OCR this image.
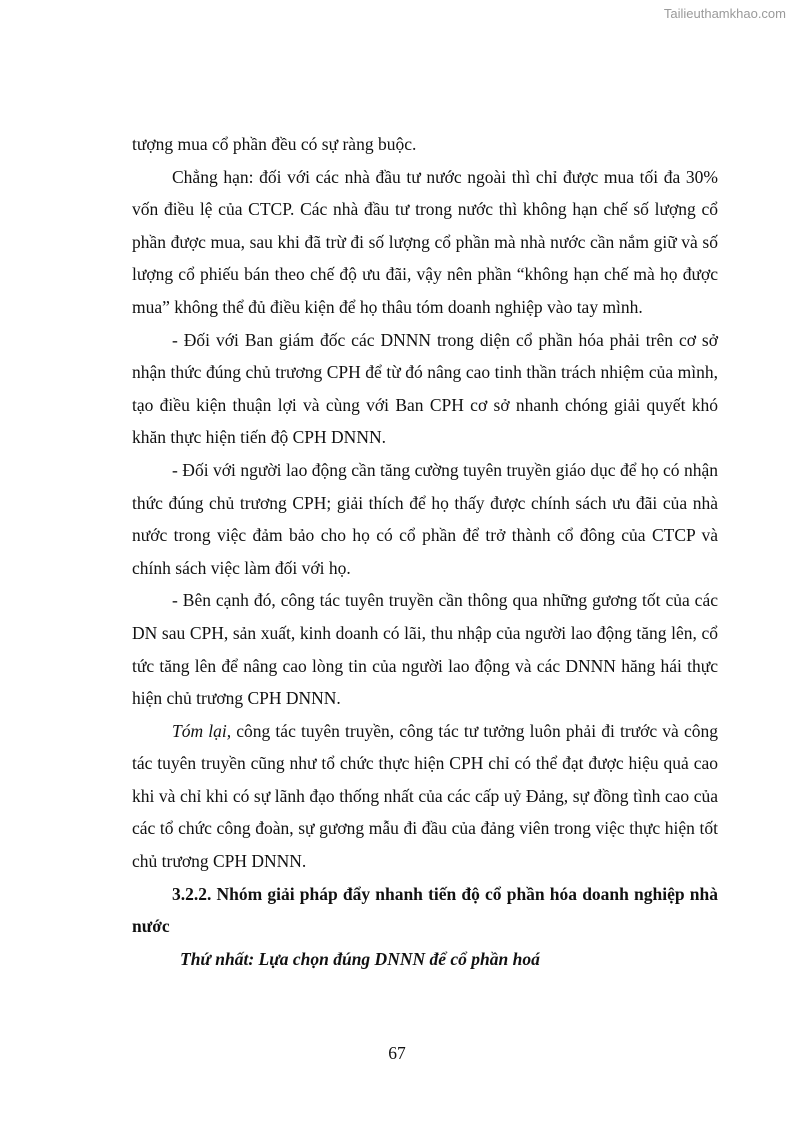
Tailieuthamkhao.com

tượng mua cổ phần đều có sự ràng buộc.

Chẳng hạn: đối với các nhà đầu tư nước ngoài thì chỉ được mua tối đa 30% vốn điều lệ của CTCP. Các nhà đầu tư trong nước thì không hạn chế số lượng cổ phần được mua, sau khi đã trừ đi số lượng cổ phần mà nhà nước cần nắm giữ và số lượng cổ phiếu bán theo chế độ ưu đãi, vậy nên phần “không hạn chế mà họ được mua” không thể đủ điều kiện để họ thâu tóm doanh nghiệp vào tay mình.

- Đối với Ban giám đốc các DNNN trong diện cổ phần hóa phải trên cơ sở nhận thức đúng chủ trương CPH để từ đó nâng cao tinh thần trách nhiệm của mình, tạo điều kiện thuận lợi và cùng với Ban CPH cơ sở nhanh chóng giải quyết khó khăn thực hiện tiến độ CPH DNNN.

- Đối với người lao động cần tăng cường tuyên truyền giáo dục để họ có nhận thức đúng chủ trương CPH; giải thích để họ thấy được chính sách ưu đãi của nhà nước trong việc đảm bảo cho họ có cổ phần để trở thành cổ đông của CTCP và chính sách việc làm đối với họ.

- Bên cạnh đó, công tác tuyên truyền cần thông qua những gương tốt của các DN sau CPH, sản xuất, kinh doanh có lãi, thu nhập của người lao động tăng lên, cổ tức tăng lên để nâng cao lòng tin của người lao động và các DNNN hăng hái thực hiện chủ trương CPH DNNN.

Tóm lại, công tác tuyên truyền, công tác tư tưởng luôn phải đi trước và công tác tuyên truyền cũng như tổ chức thực hiện CPH chỉ có thể đạt được hiệu quả cao khi và chỉ khi có sự lãnh đạo thống nhất của các cấp uỷ Đảng, sự đồng tình cao của các tổ chức công đoàn, sự gương mẫu đi đầu của đảng viên trong việc thực hiện tốt chủ trương CPH DNNN.

3.2.2. Nhóm giải pháp đẩy nhanh tiến độ cổ phần hóa doanh nghiệp nhà nước

Thứ nhất: Lựa chọn đúng DNNN để cổ phần hoá

67
